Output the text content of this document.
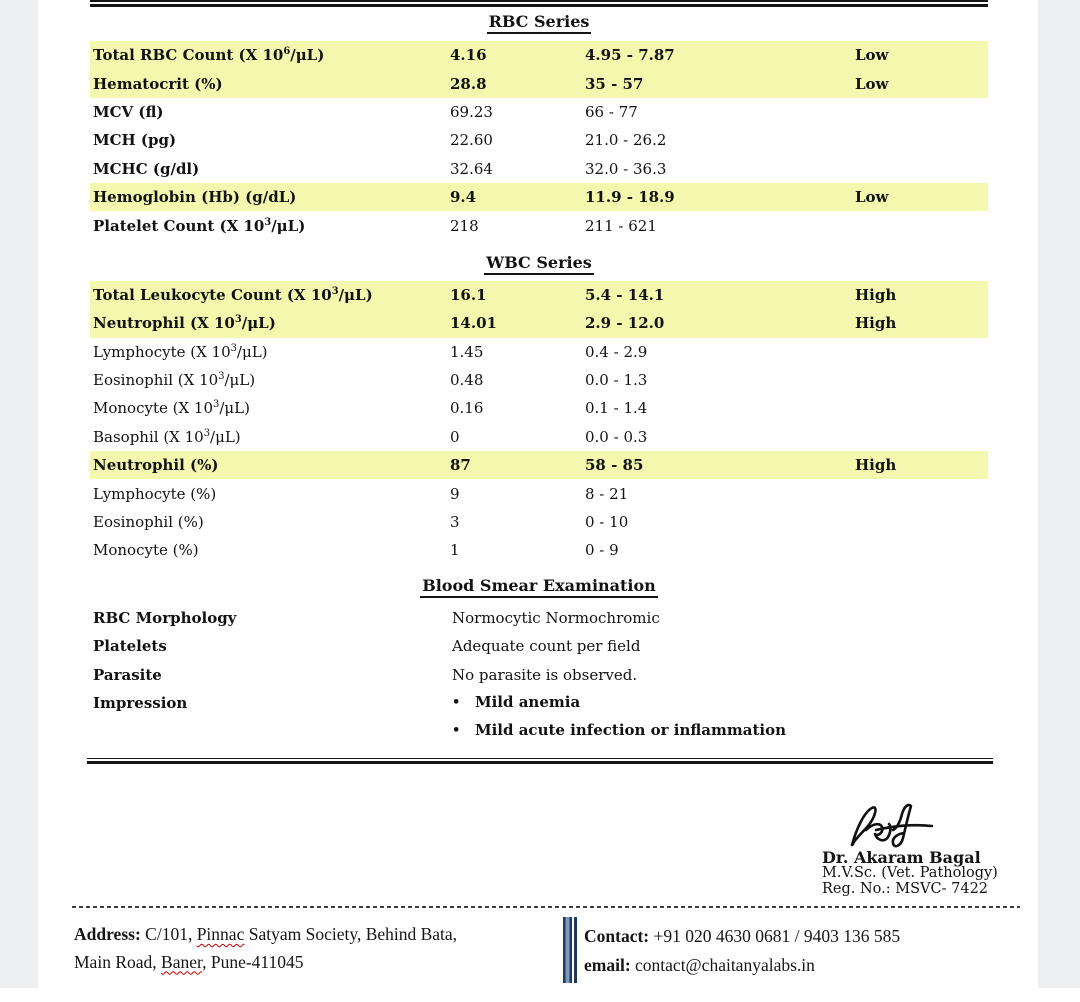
RBC Series
Total RBC Count (X $10^6/\mu L$)	4.16	4.95 - 7.87	Low
Hematocrit (%)	28.8	35 - 57	Low
MCV (fl)	69.23	66 - 77
MCH (pg)	22.60	21.0 - 26.2
MCHC (g/dl)	32.64	32.0 - 36.3
Hemoglobin (Hb) (g/dL)	9.4	11.9 - 18.9	Low
Platelet Count (X $10^3/\mu L$)	218	211 - 621
WBC Series
Total Leukocyte Count (X $10^3/\mu L$)	16.1	5.4 - 14.1	High
Neutrophil (X $10^3/\mu L$)	14.01	2.9 - 12.0	High
Lymphocyte (X $10^3/\mu L$)	1.45	0.4 - 2.9
Eosinophil (X $10^3/\mu L$)	0.48	0.0 - 1.3
Monocyte (X $10^3/\mu L$)	0.16	0.1 - 1.4
Basophil (X $10^3/\mu L$)	0	0.0 - 0.3
Neutrophil (%)	87	58 - 85	High
Lymphocyte (%)	9	8 - 21
Eosinophil (%)	3	0 - 10
Monocyte (%)	1	0 - 9
Blood Smear Examination
RBC Morphology	Normocytic Normochromic
Platelets	Adequate count per field
Parasite	No parasite is observed.
Impression	• Mild anemia
• Mild acute infection or inflammation
Dr. Akaram Bagal
M.V.Sc. (Vet. Pathology)
Reg. No.: MSVC- 7422
Address: C/101, Pinnac Satyam Society, Behind Bata,
Main Road, Baner, Pune-411045
Contact: +91 020 4630 0681 / 9403 136 585
email: contact@chaitanyalabs.in
